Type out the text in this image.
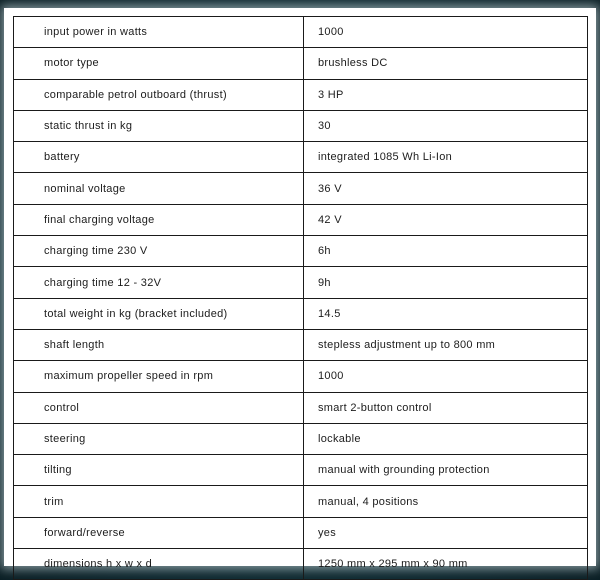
input power in watts	1000
motor type	brushless DC
comparable petrol outboard (thrust)	3 HP
static thrust in kg	30
battery	integrated 1085 Wh Li-Ion
nominal voltage	36 V
final charging voltage	42 V
charging time 230 V	6h
charging time 12 - 32V	9h
total weight in kg (bracket included)	14.5
shaft length	stepless adjustment up to 800 mm
maximum propeller speed in rpm	1000
control	smart 2-button control
steering	lockable
tilting	manual with grounding protection
trim	manual, 4 positions
forward/reverse	yes
dimensions h x w x d	1250 mm x 295 mm x 90 mm
